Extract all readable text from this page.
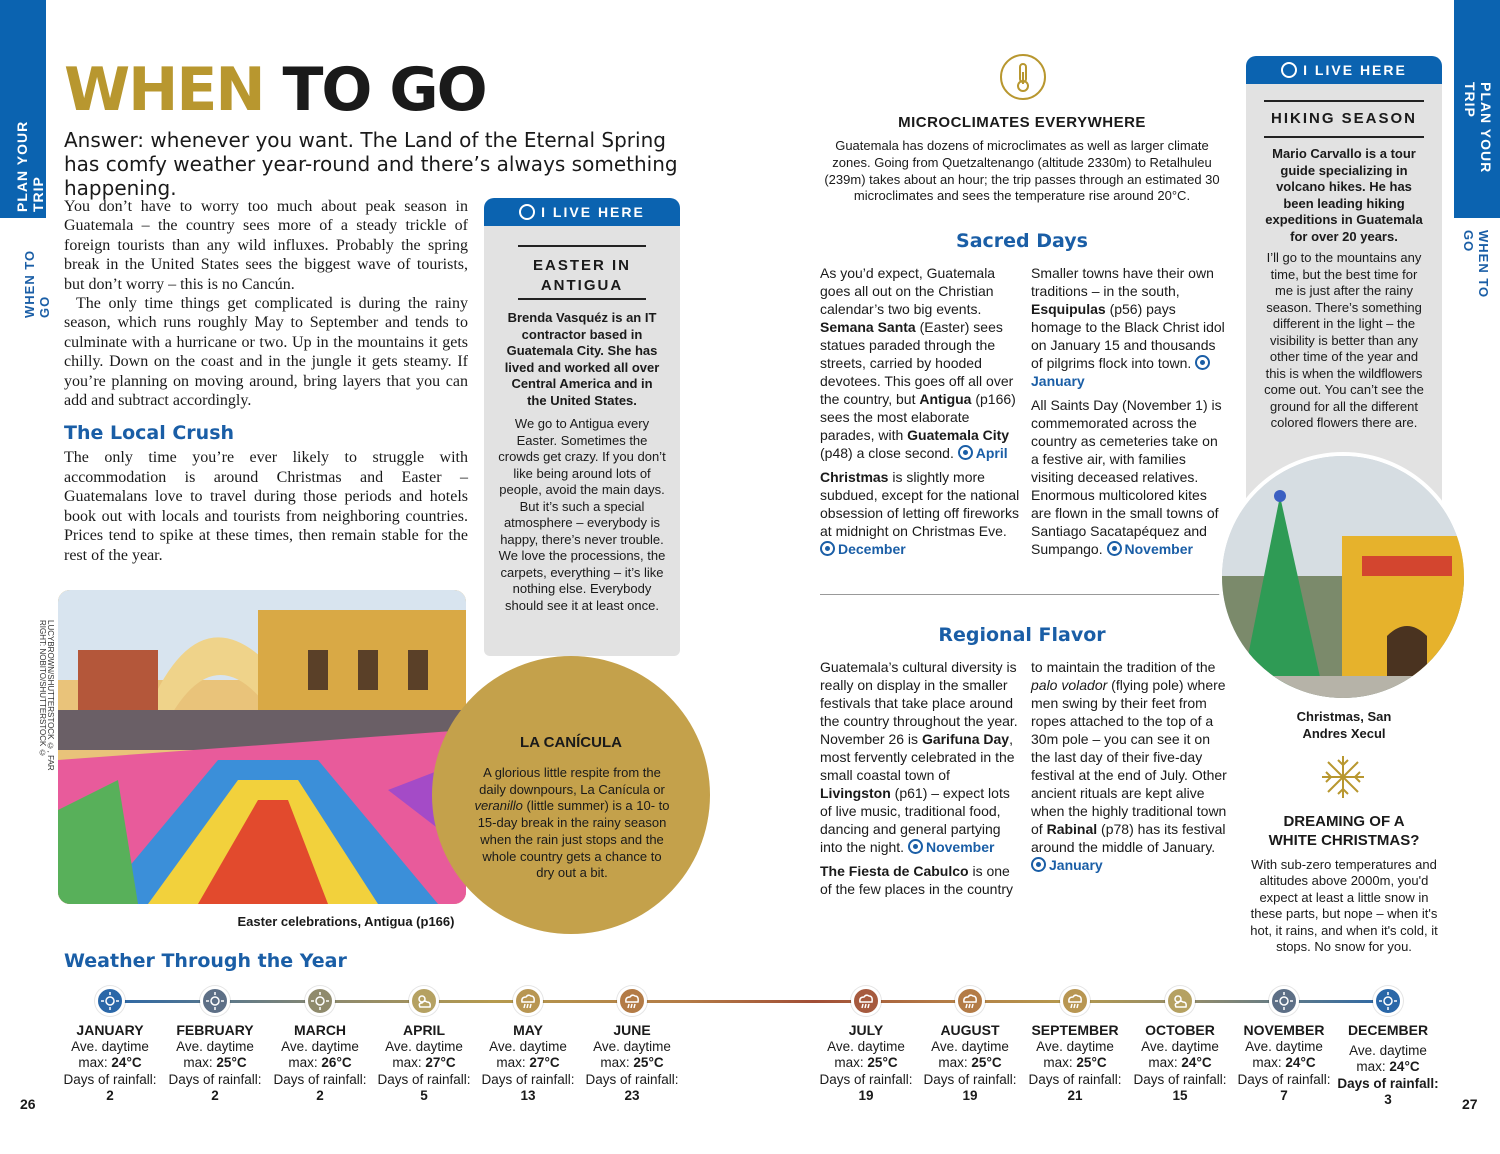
PLAN YOUR TRIP
WHEN TO GO
PLAN YOUR TRIP
WHEN TO GO
WHEN TO GO
Answer: whenever you want. The Land of the Eternal Spring has comfy weather year-round and there’s always something happening.

You don’t have to worry too much about peak season in Guatemala – the country sees more of a steady trickle of foreign tourists than any wild influxes. Probably the spring break in the United States sees the biggest wave of tourists, but don’t worry – this is no Cancún.

The only time things get complicated is during the rainy season, which runs roughly May to September and tends to culminate with a hurricane or two. Up in the mountains it gets chilly. Down on the coast and in the jungle it gets steamy. If you’re planning on moving around, bring layers that you can add and subtract accordingly.

The Local Crush

The only time you’re ever likely to struggle with accommodation is around Christmas and Easter – Guatemalans love to travel during those periods and hotels book out with locals and tourists from neighboring countries. Prices tend to spike at these times, then remain stable for the rest of the year.

I LIVE HERE
EASTER IN ANTIGUA
Brenda Vasquéz is an IT contractor based in Guatemala City. She has lived and worked all over Central America and in the United States.
We go to Antigua every Easter. Sometimes the crowds get crazy. If you don’t like being around lots of people, avoid the main days. But it’s such a special atmosphere – everybody is happy, there’s never trouble. We love the processions, the carpets, everything – it’s like nothing else. Everybody should see it at least once.
LUCYBROWN/SHUTTERSTOCK ©, FAR RIGHT: NOBITO/SHUTTERSTOCK ©
Easter celebrations, Antigua (p166)
LA CANÍCULA
A glorious little respite from the daily downpours, La Canícula or veranillo (little summer) is a 10- to 15-day break in the rainy season when the rain just stops and the whole country gets a chance to dry out a bit.
MICROCLIMATES EVERYWHERE
Guatemala has dozens of microclimates as well as larger climate zones. Going from Quetzaltenango (altitude 2330m) to Retalhuleu (239m) takes about an hour; the trip passes through an estimated 30 microclimates and sees the temperature rise around 20°C.
Sacred Days

As you’d expect, Guatemala goes all out on the Christian calendar’s two big events. Semana Santa (Easter) sees statues paraded through the streets, carried by hooded devotees. This goes off all over the country, but Antigua (p166) sees the most elaborate parades, with Guatemala City (p48) a close second. April

Christmas is slightly more subdued, except for the national obsession of letting off fireworks at midnight on Christmas Eve. December

Smaller towns have their own traditions – in the south, Esquipulas (p56) pays homage to the Black Christ idol on January 15 and thousands of pilgrims flock into town. January

All Saints Day (November 1) is commemorated across the country as cemeteries take on a festive air, with families visiting deceased relatives. Enormous multicolored kites are flown in the small towns of Santiago Sacatapéquez and Sumpango. November

Regional Flavor

Guatemala’s cultural diversity is really on display in the smaller festivals that take place around the country throughout the year. November 26 is Garifuna Day, most fervently celebrated in the small coastal town of Livingston (p61) – expect lots of live music, traditional food, dancing and general partying into the night. November

The Fiesta de Cabulco is one of the few places in the country

to maintain the tradition of the palo volador (flying pole) where men swing by their feet from ropes attached to the top of a 30m pole – you can see it on the last day of their five-day festival at the end of July. Other ancient rituals are kept alive when the highly traditional town of Rabinal (p78) has its festival around the middle of January. January

I LIVE HERE
HIKING SEASON
Mario Carvallo is a tour guide specializing in volcano hikes. He has been leading hiking expeditions in Guatemala for over 20 years.
I’ll go to the mountains any time, but the best time for me is just after the rainy season. There’s something different in the light – the visibility is better than any other time of the year and this is when the wildflowers come out. You can’t see the ground for all the different colored flowers there are.
Christmas, San Andres Xecul
DREAMING OF A WHITE CHRISTMAS?
With sub-zero temperatures and altitudes above 2000m, you'd expect at least a little snow in these parts, but nope – when it's hot, it rains, and when it's cold, it stops. No snow for you.
Weather Through the Year
JANUARY
Ave. daytime
max: 24°C
Days of rainfall:
2
FEBRUARY
Ave. daytime
max: 25°C
Days of rainfall:
2
MARCH
Ave. daytime
max: 26°C
Days of rainfall:
2
APRIL
Ave. daytime
max: 27°C
Days of rainfall:
5
MAY
Ave. daytime
max: 27°C
Days of rainfall:
13
JUNE
Ave. daytime
max: 25°C
Days of rainfall:
23
JULY
Ave. daytime
max: 25°C
Days of rainfall:
19
AUGUST
Ave. daytime
max: 25°C
Days of rainfall:
19
SEPTEMBER
Ave. daytime
max: 25°C
Days of rainfall:
21
OCTOBER
Ave. daytime
max: 24°C
Days of rainfall:
15
NOVEMBER
Ave. daytime
max: 24°C
Days of rainfall:
7
DECEMBER
Ave. daytime
max: 24°C
Days of rainfall:
3
26	27
